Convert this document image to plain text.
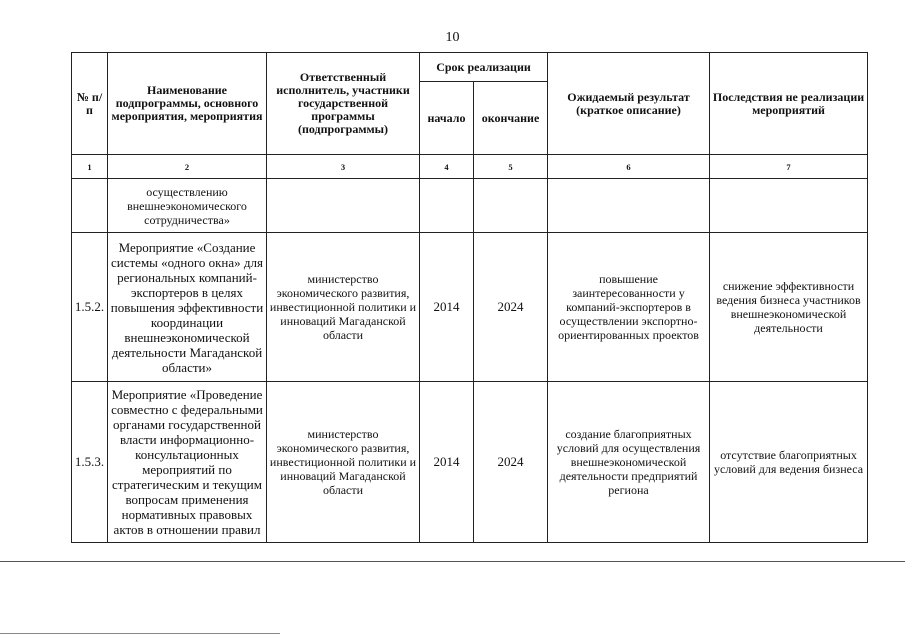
10
№ п/п	Наименование подпрограммы, основного мероприятия, мероприятия	Ответственный исполнитель, участники государственной программы (подпрограммы)	Срок реализации		Ожидаемый результат (краткое описание)	Последствия не реализации мероприятий
			начало	окончание		
1	2	3	4	5	6	7
	осуществлению внешнеэкономического сотрудничества»					
1.5.2.	Мероприятие «Создание системы «одного окна» для региональных компаний-экспортеров в целях повышения эффективности координации внешнеэкономической деятельности Магаданской области»	министерство экономического развития, инвестиционной политики и инноваций Магаданской области	2014	2024	повышение заинтересованности у компаний-экспортеров в осуществлении экспортно-ориентированных проектов	снижение эффективности ведения бизнеса участников внешнеэкономической деятельности
1.5.3.	Мероприятие «Проведение совместно с федеральными органами государственной власти информационно-консультационных мероприятий по стратегическим и текущим вопросам применения нормативных правовых актов в отношении правил	министерство экономического развития, инвестиционной политики и инноваций Магаданской области	2014	2024	создание благоприятных условий для осуществления внешнеэкономической деятельности предприятий региона	отсутствие благоприятных условий для ведения бизнеса
